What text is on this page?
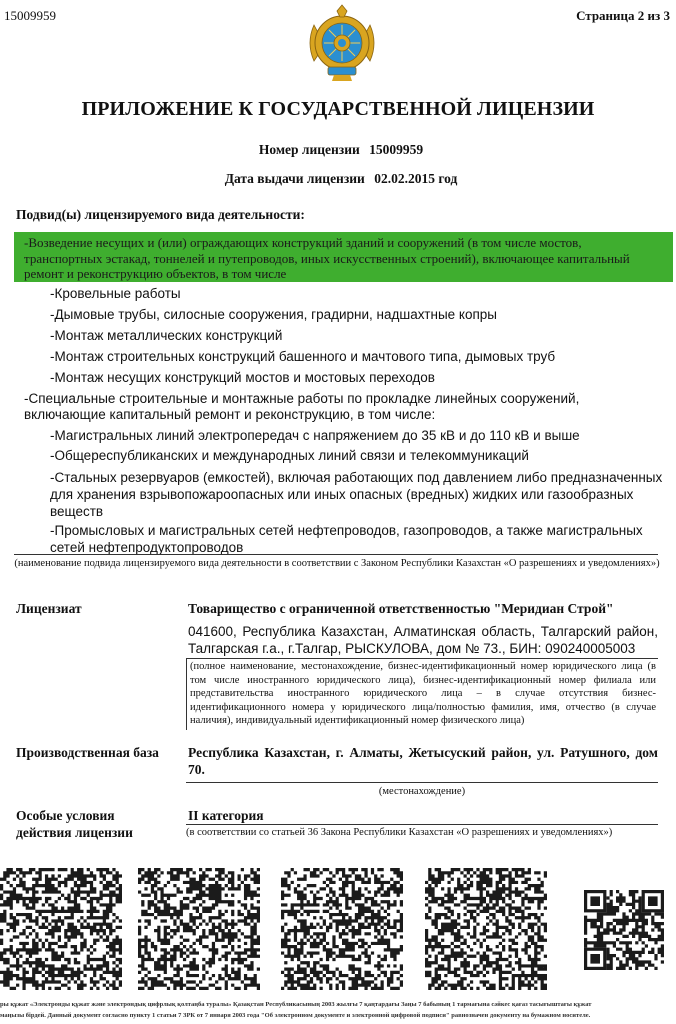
15009959	Страница 2 из 3
ПРИЛОЖЕНИЕ К ГОСУДАРСТВЕННОЙ ЛИЦЕНЗИИ
Номер лицензии 15009959
Дата выдачи лицензии 02.02.2015 год
Подвид(ы) лицензируемого вида деятельности:
-Возведение несущих и (или) ограждающих конструкций зданий и сооружений (в том числе мостов, транспортных эстакад, тоннелей и путепроводов, иных искусственных строений), включающее капитальный ремонт и реконструкцию объектов, в том числе
-Кровельные работы
-Дымовые трубы, силосные сооружения, градирни, надшахтные копры
-Монтаж металлических конструкций
-Монтаж строительных конструкций башенного и мачтового типа, дымовых труб
-Монтаж несущих конструкций мостов и мостовых переходов
-Специальные строительные и монтажные работы по прокладке линейных сооружений, включающие капитальный ремонт и реконструкцию, в том числе:
-Магистральных линий электропередач с напряжением до 35 кВ и до 110 кВ и выше
-Общереспубликанских и международных линий связи и телекоммуникаций
-Стальных резервуаров (емкостей), включая работающих под давлением либо предназначенных для хранения взрывопожароопасных или иных опасных (вредных) жидких или газообразных веществ
-Промысловых и магистральных сетей нефтепроводов, газопроводов, а также магистральных сетей нефтепродуктопроводов
(наименование подвида лицензируемого вида деятельности в соответствии с Законом Республики Казахстан «О разрешениях и уведомлениях»)
Лицензиат	Товарищество с ограниченной ответственностью "Меридиан Строй"
041600, Республика Казахстан, Алматинская область, Талгарский район, Талгарская г.а., г.Талгар, РЫСКУЛОВА, дом № 73., БИН: 090240005003
(полное наименование, местонахождение, бизнес-идентификационный номер юридического лица (в том числе иностранного юридического лица), бизнес-идентификационный номер филиала или представительства иностранного юридического лица – в случае отсутствия бизнес-идентификационного номера у юридического лица/полностью фамилия, имя, отчество (в случае наличия), индивидуальный идентификационный номер физического лица)
Производственная база Республика Казахстан, г. Алматы, Жетысуский район, ул. Ратушного, дом 70.
(местонахождение)
Особые условия
действия лицензии
II категория
(в соответствии со статьей 36 Закона Республики Казахстан «О разрешениях и уведомлениях»)
ры құжат «Электронды құжат және электрондық цифрлық қолтаңба туралы» Қазақстан Республикасының 2003 жылғы 7 қаңтардағы Заңы 7 бабының 1 тармағына сәйкес қағаз тасығыштағы құжат
маңызы бірдей. Данный документ согласно пункту 1 статьи 7 ЗРК от 7 января 2003 года "Об электронном документе и электронной цифровой подписи" равнозначен документу на бумажном носителе.
